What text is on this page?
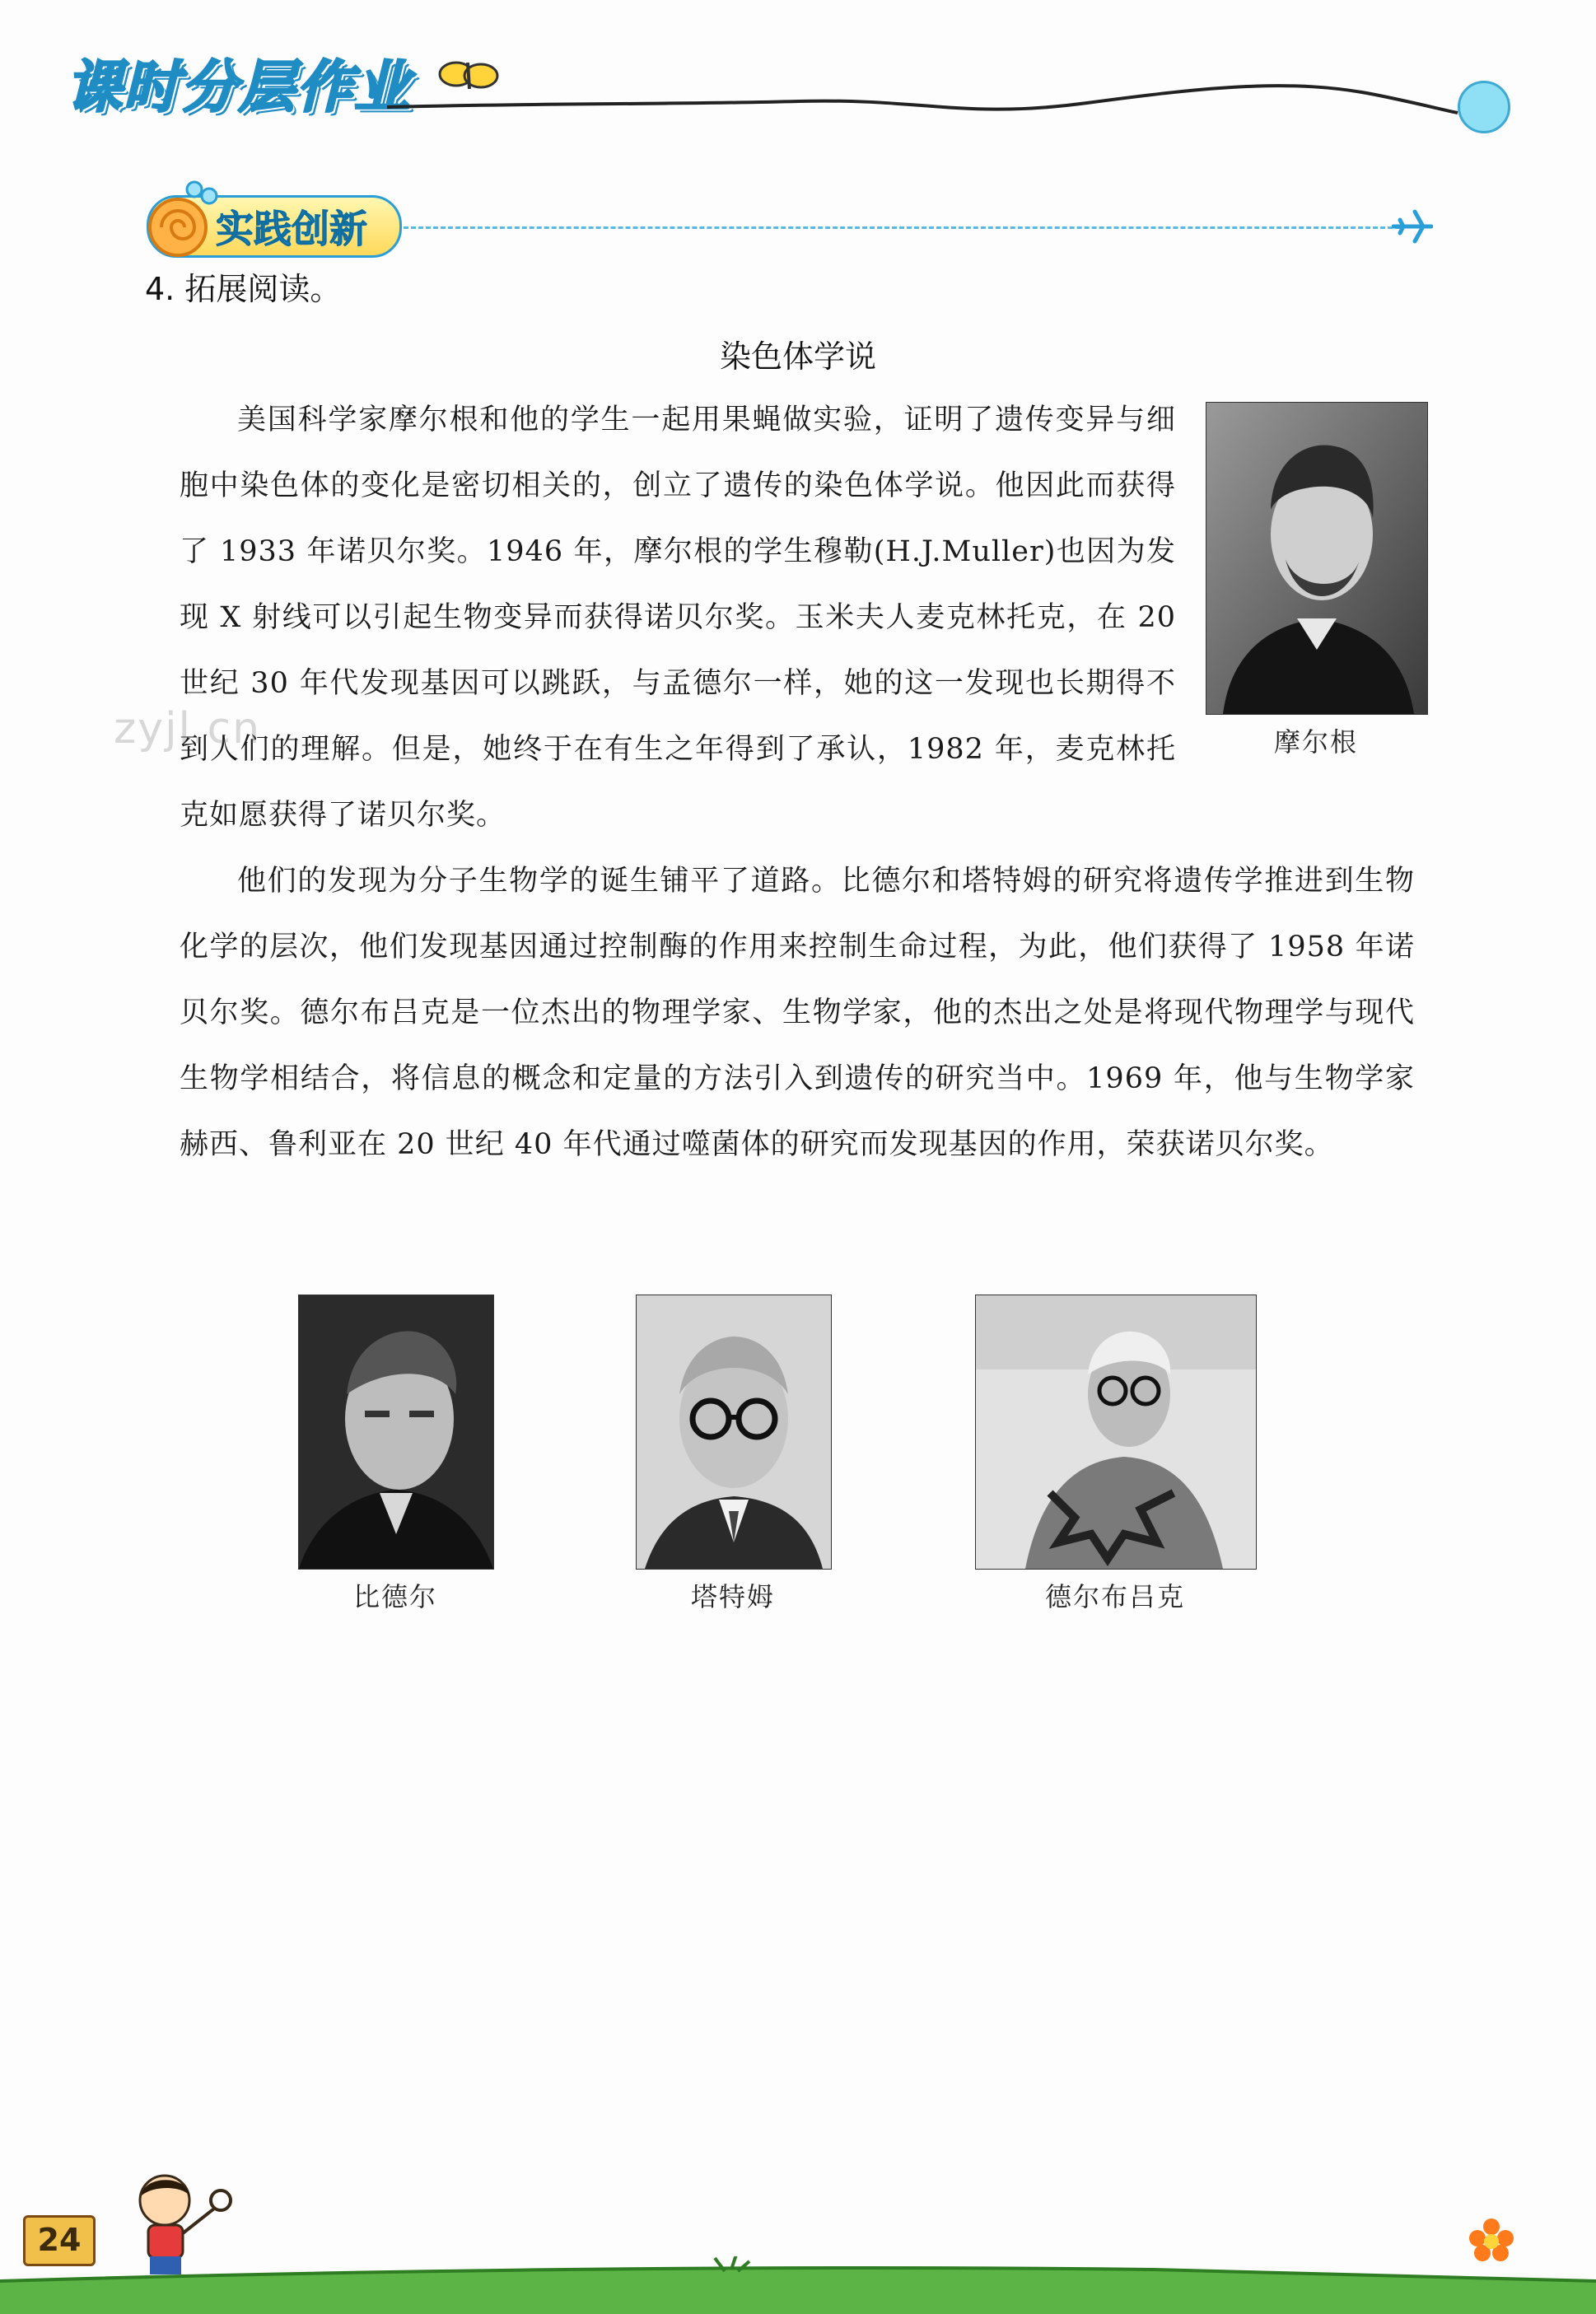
课时分层作业
实践创新
4. 拓展阅读。
染色体学说

美国科学家摩尔根和他的学生一起用果蝇做实验，证明了遗传变异与细胞中染色体的变化是密切相关的，创立了遗传的染色体学说。他因此而获得了 1933 年诺贝尔奖。1946 年，摩尔根的学生穆勒(H.J.Muller)也因为发现 X 射线可以引起生物变异而获得诺贝尔奖。玉米夫人麦克林托克，在 20 世纪 30 年代发现基因可以跳跃，与孟德尔一样，她的这一发现也长期得不到人们的理解。但是，她终于在有生之年得到了承认，1982 年，麦克林托克如愿获得了诺贝尔奖。

摩尔根
zyjl.cn

他们的发现为分子生物学的诞生铺平了道路。比德尔和塔特姆的研究将遗传学推进到生物化学的层次，他们发现基因通过控制酶的作用来控制生命过程，为此，他们获得了 1958 年诺贝尔奖。德尔布吕克是一位杰出的物理学家、生物学家，他的杰出之处是将现代物理学与现代生物学相结合，将信息的概念和定量的方法引入到遗传的研究当中。1969 年，他与生物学家赫西、鲁利亚在 20 世纪 40 年代通过噬菌体的研究而发现基因的作用，荣获诺贝尔奖。

比德尔	塔特姆	德尔布吕克
24
